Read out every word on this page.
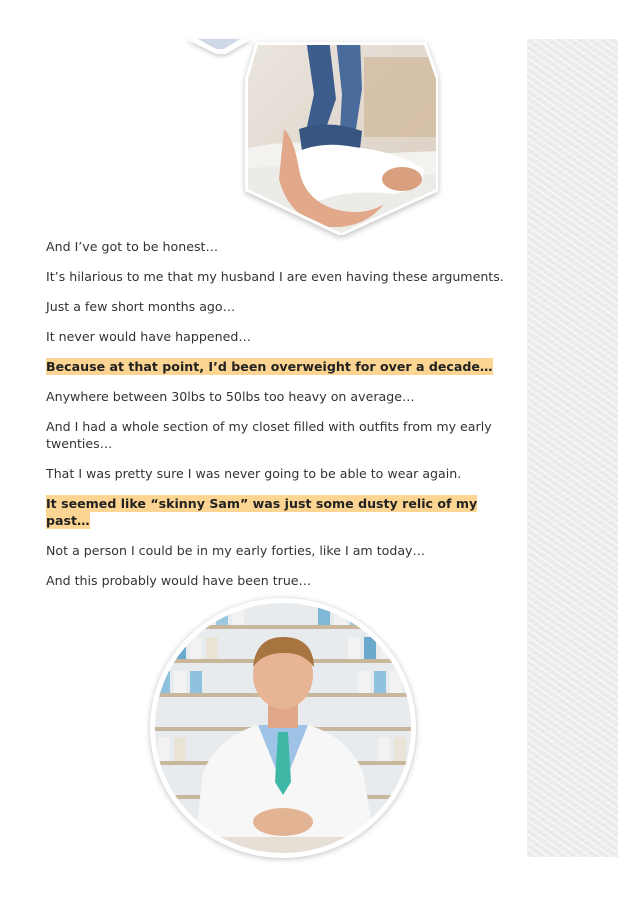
And I’ve got to be honest…

It’s hilarious to me that my husband I are even having these arguments.

Just a few short months ago…

It never would have happened…

Because at that point, I’d been overweight for over a decade…

Anywhere between 30lbs to 50lbs too heavy on average…

And I had a whole section of my closet filled with outfits from my early twenties…

That I was pretty sure I was never going to be able to wear again.

It seemed like “skinny Sam” was just some dusty relic of my past…

Not a person I could be in my early forties, like I am today…

And this probably would have been true…
